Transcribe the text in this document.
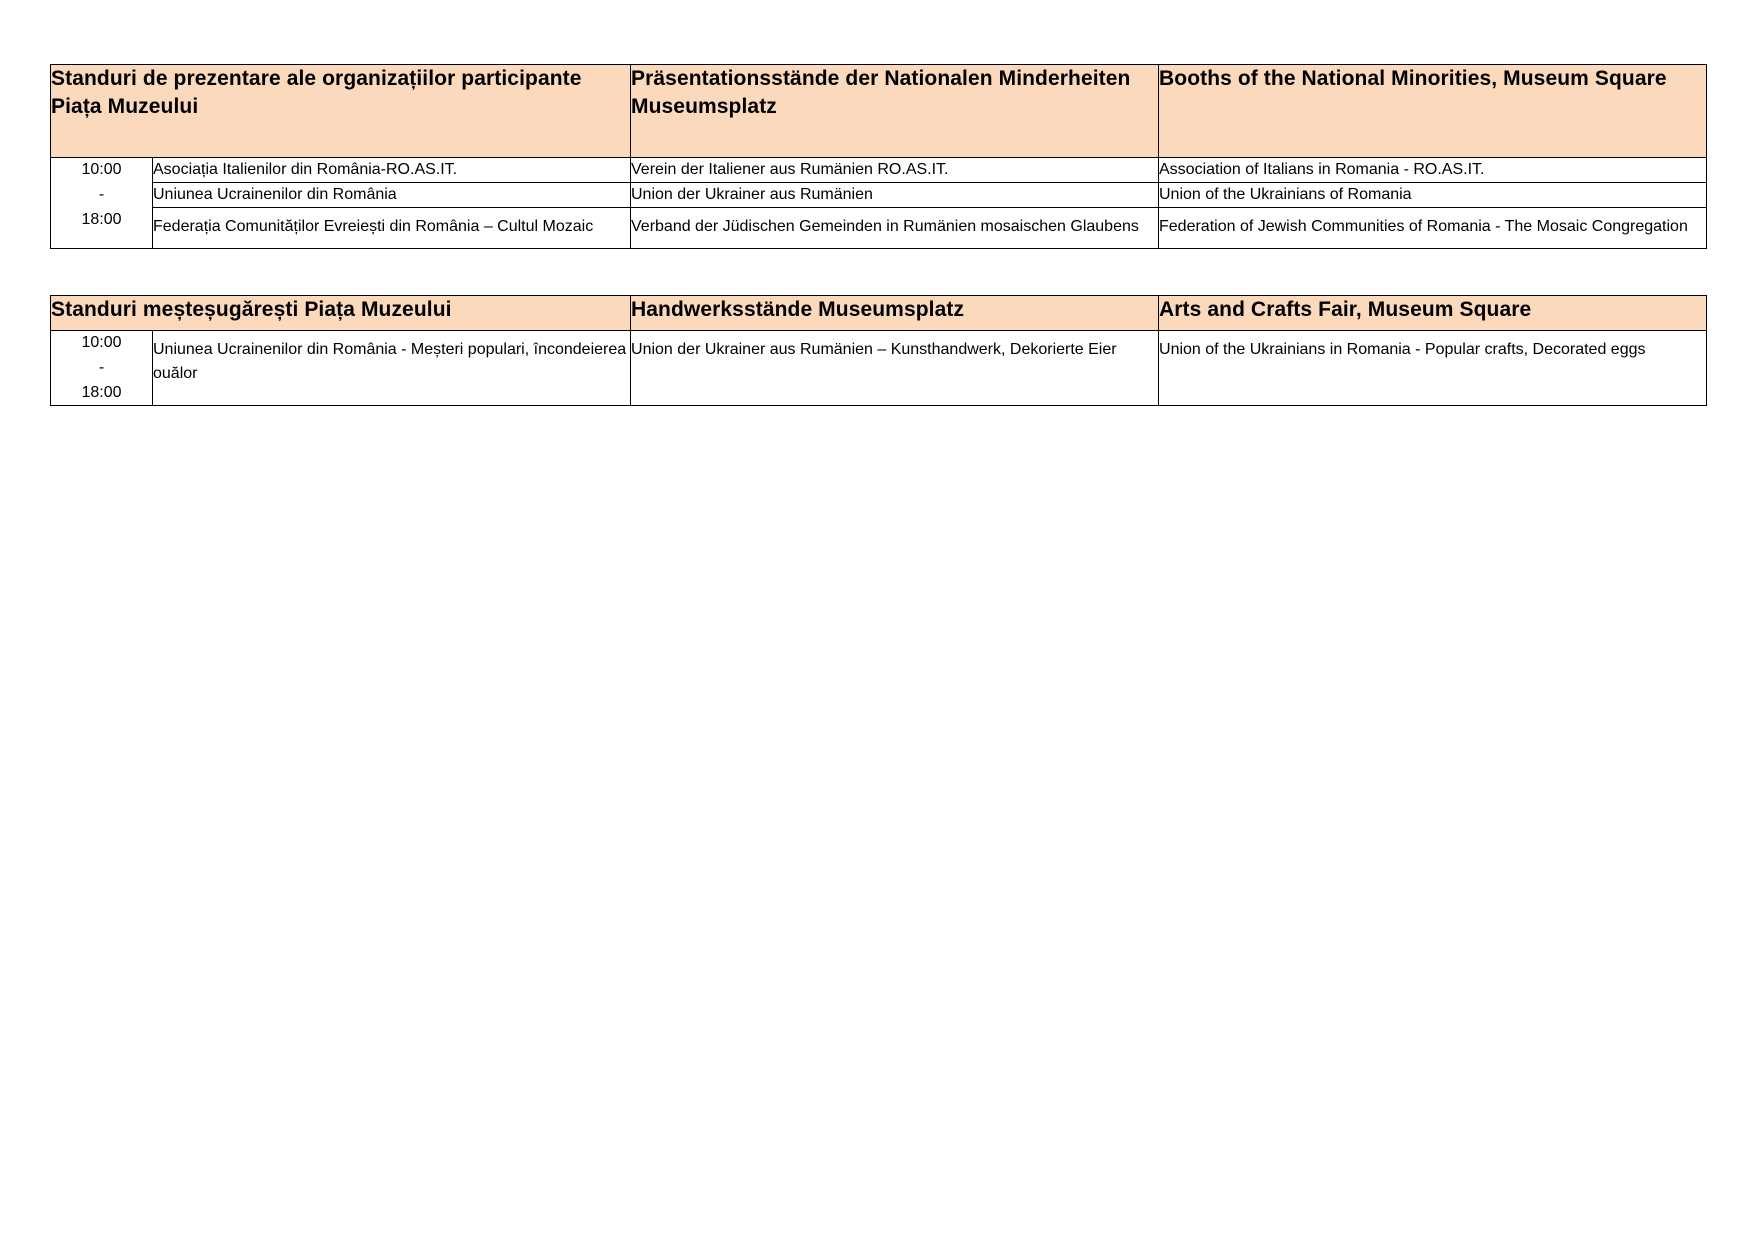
Standuri de prezentare ale organizațiilor participante Piața Muzeului		Präsentationsstände der Nationalen Minderheiten Museumsplatz	Booths of the National Minorities, Museum Square

10:00
-
18:00	Asociația Italienilor din România-RO.AS.IT.	Verein der Italiener aus Rumänien RO.AS.IT.	Association of Italians in Romania - RO.AS.IT.
	Uniunea Ucrainenilor din România	Union der Ukrainer aus Rumänien	Union of the Ukrainians of Romania
	Federația Comunităților Evreiești din România – Cultul Mozaic	Verband der Jüdischen Gemeinden in Rumänien mosaischen Glaubens	Federation of Jewish Communities of Romania - The Mosaic Congregation
Standuri meșteșugărești Piața Muzeului		Handwerksstände Museumsplatz	Arts and Crafts Fair, Museum Square

10:00
-
18:00	Uniunea Ucrainenilor din România - Meșteri populari, încondeierea ouălor	Union der Ukrainer aus Rumänien – Kunsthandwerk, Dekorierte Eier	Union of the Ukrainians in Romania - Popular crafts, Decorated eggs
